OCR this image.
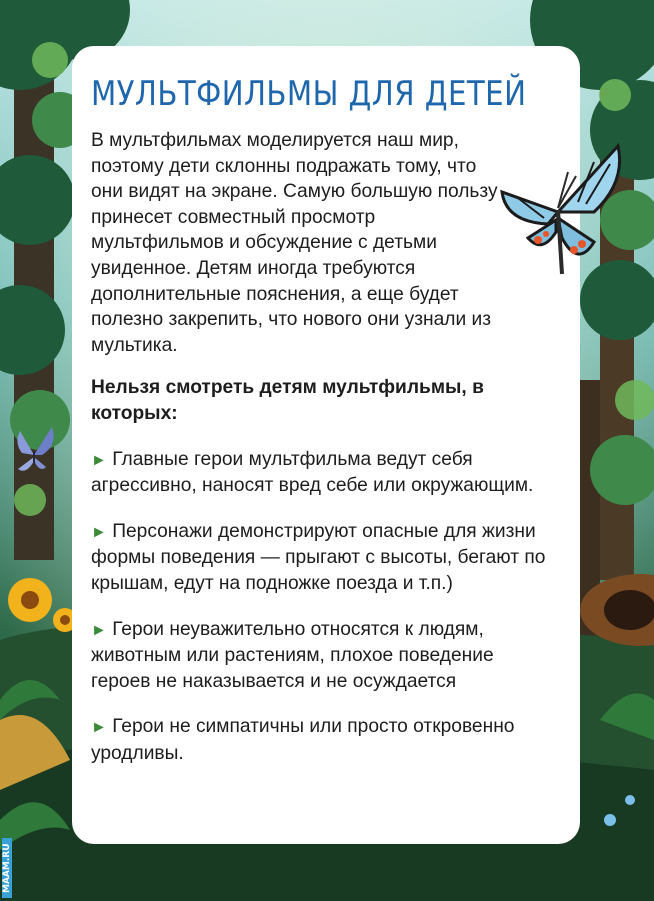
МУЛЬТФИЛЬМЫ ДЛЯ ДЕТЕЙ

В мультфильмах моделируется наш мир, поэтому дети склонны подражать тому, что они видят на экране. Самую большую пользу принесет совместный просмотр мультфильмов и обсуждение с детьми увиденное. Детям иногда требуются дополнительные пояснения, а еще будет полезно закрепить, что нового они узнали из мультика.

Нельзя смотреть детям мультфильмы, в которых:

► Главные герои мультфильма ведут себя агрессивно, наносят вред себе или окружающим.

► Персонажи демонстрируют опасные для жизни формы поведения — прыгают с высоты, бегают по крышам, едут на подножке поезда и т.п.)

► Герои неуважительно относятся к людям, животным или растениям, плохое поведение героев не наказывается и не осуждается

► Герои не симпатичны или просто откровенно уродливы.

MAAM.RU
